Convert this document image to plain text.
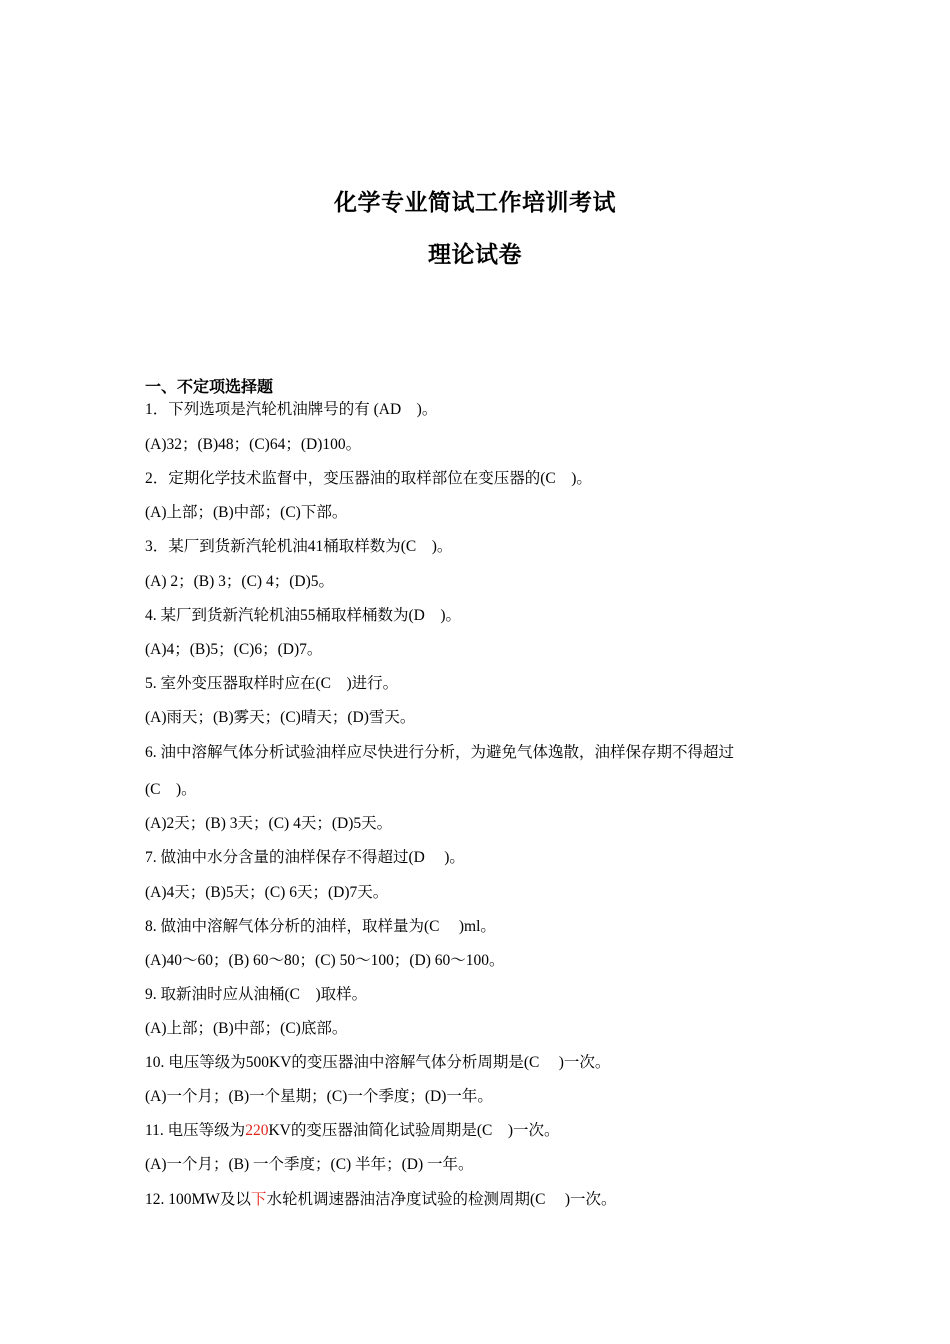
化学专业简试工作培训考试
理论试卷
一、不定项选择题
1．下列选项是汽轮机油牌号的有 (AD　)。
(A)32；(B)48；(C)64；(D)100。
2．定期化学技术监督中，变压器油的取样部位在变压器的(C　)。
(A)上部；(B)中部；(C)下部。
3．某厂到货新汽轮机油41桶取样数为(C　)。
(A) 2；(B) 3；(C) 4；(D)5。
4. 某厂到货新汽轮机油55桶取样桶数为(D　)。
(A)4；(B)5；(C)6；(D)7。
5. 室外变压器取样时应在(C　)进行。
(A)雨天；(B)雾天；(C)晴天；(D)雪天。
6. 油中溶解气体分析试验油样应尽快进行分析，为避免气体逸散，油样保存期不得超过
(C　)。
(A)2天；(B) 3天；(C) 4天；(D)5天。
7. 做油中水分含量的油样保存不得超过(D　 )。
(A)4天；(B)5天；(C) 6天；(D)7天。
8. 做油中溶解气体分析的油样，取样量为(C　 )ml。
(A)40～60；(B) 60～80；(C) 50～100；(D) 60～100。
9. 取新油时应从油桶(C　)取样。
(A)上部；(B)中部；(C)底部。
10. 电压等级为500KV的变压器油中溶解气体分析周期是(C　 )一次。
(A)一个月；(B)一个星期；(C)一个季度；(D)一年。
11. 电压等级为220KV的变压器油简化试验周期是(C　)一次。
(A)一个月；(B) 一个季度；(C) 半年；(D) 一年。
12. 100MW及以下水轮机调速器油洁净度试验的检测周期(C　 )一次。
